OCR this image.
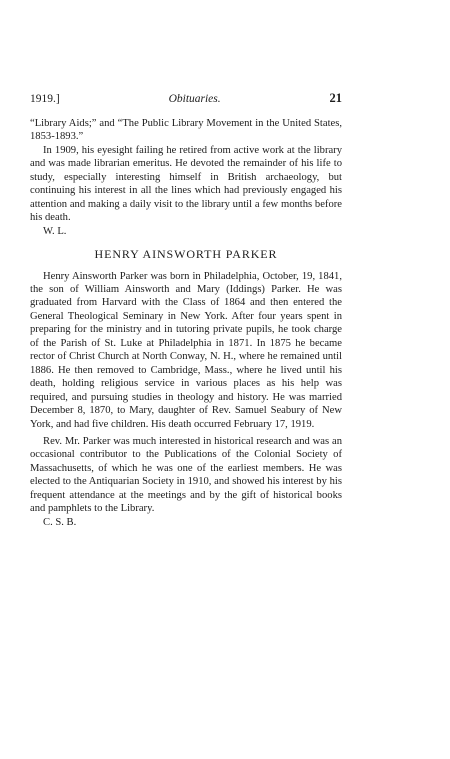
1919.]	Obituaries.	21

“Library Aids;” and “The Public Library Movement in the United States, 1853-1893.”

In 1909, his eyesight failing he retired from active work at the library and was made librarian emeritus. He devoted the remainder of his life to study, especially interesting himself in British archaeology, but continuing his interest in all the lines which had previously engaged his attention and making a daily visit to the library until a few months before his death.

W. L.

HENRY AINSWORTH PARKER

Henry Ainsworth Parker was born in Philadelphia, October, 19, 1841, the son of William Ainsworth and Mary (Iddings) Parker. He was graduated from Harvard with the Class of 1864 and then entered the General Theological Seminary in New York. After four years spent in preparing for the ministry and in tutoring private pupils, he took charge of the Parish of St. Luke at Philadelphia in 1871. In 1875 he became rector of Christ Church at North Conway, N. H., where he remained until 1886. He then removed to Cambridge, Mass., where he lived until his death, holding religious service in various places as his help was required, and pursuing studies in theology and history. He was married December 8, 1870, to Mary, daughter of Rev. Samuel Seabury of New York, and had five children. His death occurred February 17, 1919.

Rev. Mr. Parker was much interested in historical research and was an occasional contributor to the Publications of the Colonial Society of Massachusetts, of which he was one of the earliest members. He was elected to the Antiquarian Society in 1910, and showed his interest by his frequent attendance at the meetings and by the gift of historical books and pamphlets to the Library.

C. S. B.
